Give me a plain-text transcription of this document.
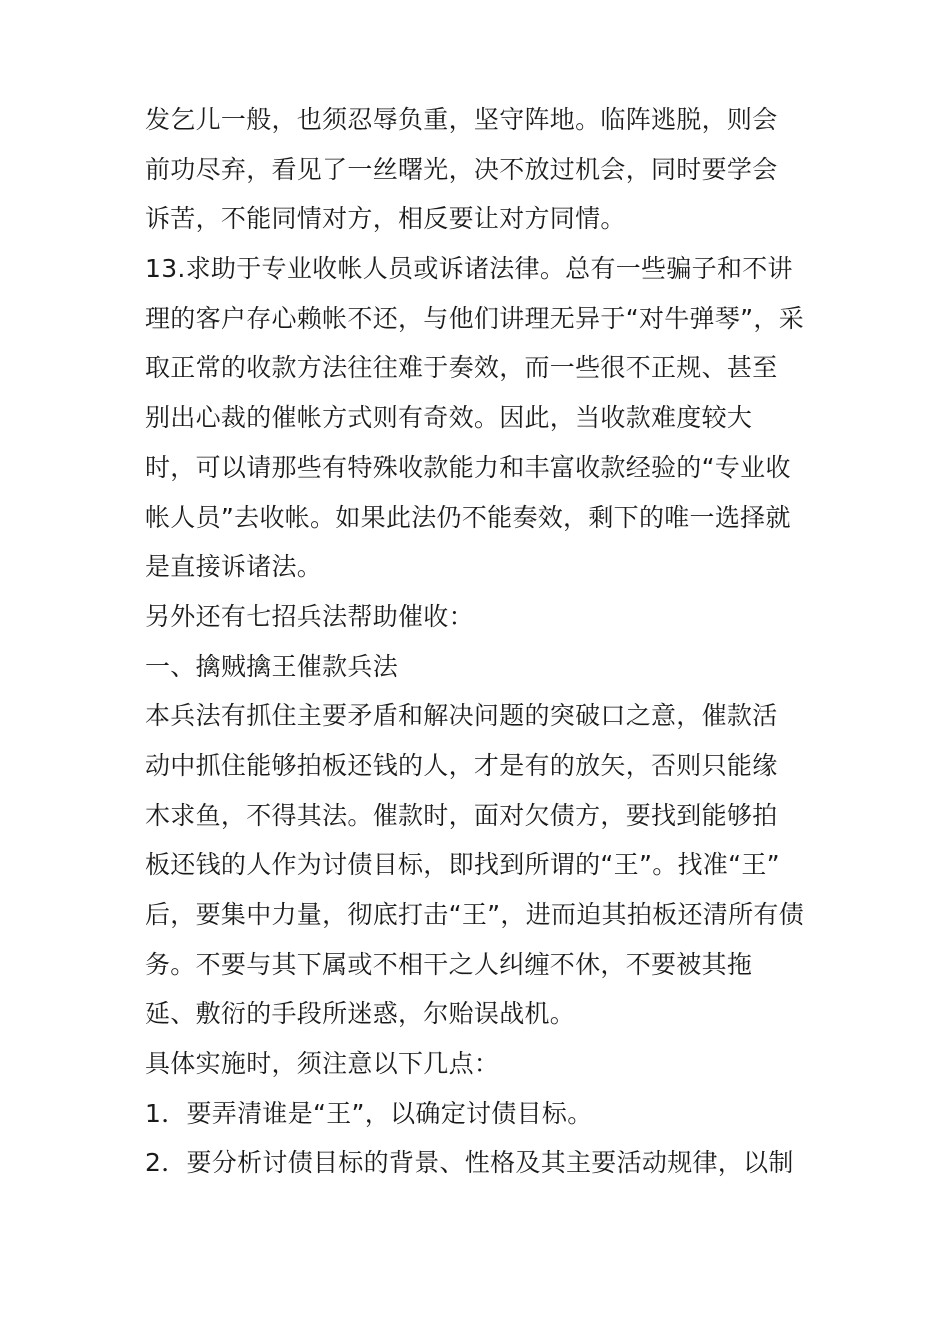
发乞儿一般，也须忍辱负重，坚守阵地。临阵逃脱，则会
前功尽弃，看见了一丝曙光，决不放过机会，同时要学会
诉苦，不能同情对方，相反要让对方同情。
13.求助于专业收帐人员或诉诸法律。总有一些骗子和不讲
理的客户存心赖帐不还，与他们讲理无异于“对牛弹琴”，采
取正常的收款方法往往难于奏效，而一些很不正规、甚至
别出心裁的催帐方式则有奇效。因此，当收款难度较大
时，可以请那些有特殊收款能力和丰富收款经验的“专业收
帐人员”去收帐。如果此法仍不能奏效，剩下的唯一选择就
是直接诉诸法。
另外还有七招兵法帮助催收：
一、擒贼擒王催款兵法
本兵法有抓住主要矛盾和解决问题的突破口之意，催款活
动中抓住能够拍板还钱的人，才是有的放矢，否则只能缘
木求鱼，不得其法。催款时，面对欠债方，要找到能够拍
板还钱的人作为讨债目标，即找到所谓的“王”。找准“王”
后，要集中力量，彻底打击“王”，进而迫其拍板还清所有债
务。不要与其下属或不相干之人纠缠不休，不要被其拖
延、敷衍的手段所迷惑，尔贻误战机。
具体实施时，须注意以下几点：
1．要弄清谁是“王”，以确定讨债目标。
2．要分析讨债目标的背景、性格及其主要活动规律，以制
